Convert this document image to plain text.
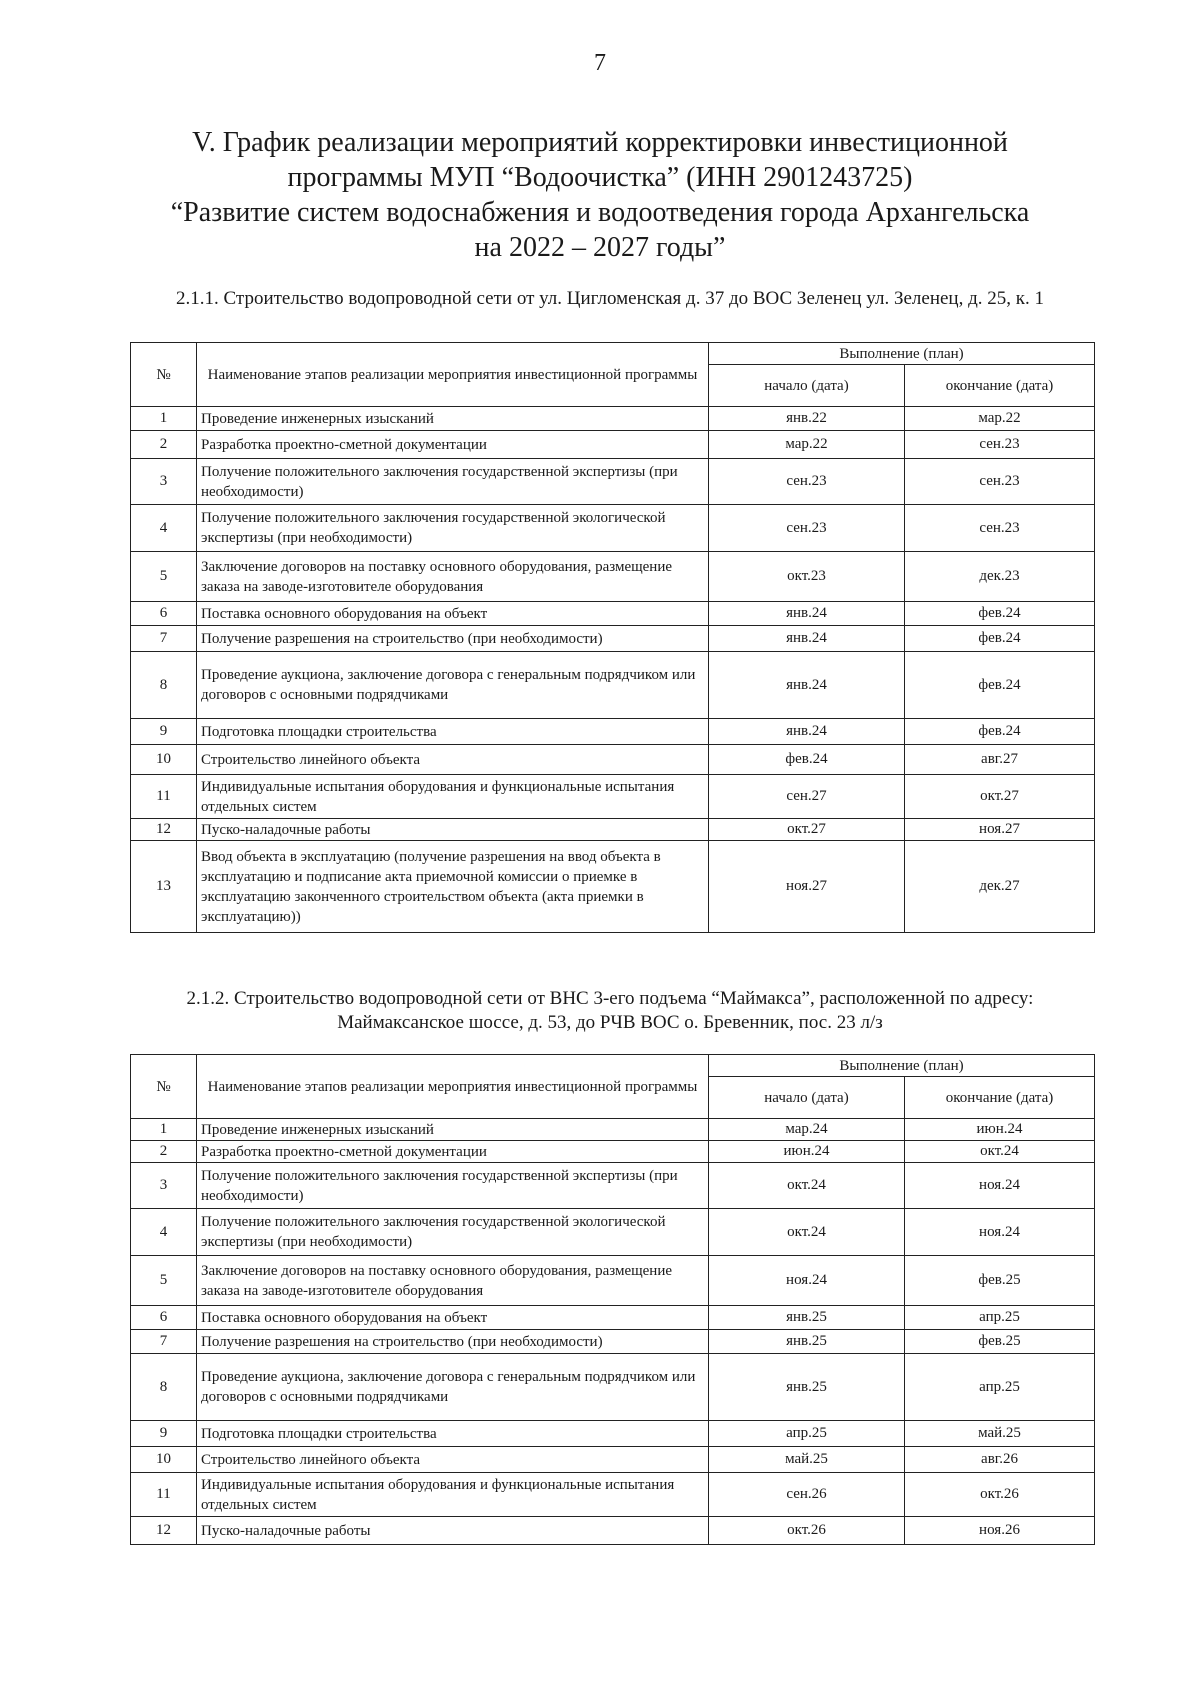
7
V. График реализации мероприятий корректировки инвестиционной
программы МУП “Водоочистка” (ИНН 2901243725)
“Развитие систем водоснабжения и водоотведения города Архангельска
на 2022 – 2027 годы”
2.1.1. Строительство водопроводной сети от ул. Цигломенская д. 37 до ВОС Зеленец ул. Зеленец, д. 25, к. 1
№	Наименование этапов реализации мероприятия инвестиционной программы	Выполнение (план)	
		начало (дата)	окончание (дата)
1	Проведение инженерных изысканий	янв.22	мар.22
2	Разработка проектно-сметной документации	мар.22	сен.23
3	Получение положительного заключения государственной экспертизы (при необходимости)	сен.23	сен.23
4	Получение положительного заключения государственной экологической экспертизы (при необходимости)	сен.23	сен.23
5	Заключение договоров на поставку основного оборудования, размещение заказа на заводе-изготовителе оборудования	окт.23	дек.23
6	Поставка основного оборудования на объект	янв.24	фев.24
7	Получение разрешения на строительство (при необходимости)	янв.24	фев.24
8	Проведение аукциона, заключение договора с генеральным подрядчиком или договоров с основными подрядчиками	янв.24	фев.24
9	Подготовка площадки строительства	янв.24	фев.24
10	Строительство линейного объекта	фев.24	авг.27
11	Индивидуальные испытания оборудования и функциональные испытания отдельных систем	сен.27	окт.27
12	Пуско-наладочные работы	окт.27	ноя.27
13	Ввод объекта в эксплуатацию (получение разрешения на ввод объекта в эксплуатацию и подписание акта приемочной комиссии о приемке в эксплуатацию законченного строительством объекта (акта приемки в эксплуатацию))	ноя.27	дек.27
2.1.2. Строительство водопроводной сети от ВНС 3-его подъема “Маймакса”, расположенной по адресу:
Маймаксанское шоссе, д. 53, до РЧВ ВОС о. Бревенник, пос. 23 л/з
№	Наименование этапов реализации мероприятия инвестиционной программы	Выполнение (план)	
		начало (дата)	окончание (дата)
1	Проведение инженерных изысканий	мар.24	июн.24
2	Разработка проектно-сметной документации	июн.24	окт.24
3	Получение положительного заключения государственной экспертизы (при необходимости)	окт.24	ноя.24
4	Получение положительного заключения государственной экологической экспертизы (при необходимости)	окт.24	ноя.24
5	Заключение договоров на поставку основного оборудования, размещение заказа на заводе-изготовителе оборудования	ноя.24	фев.25
6	Поставка основного оборудования на объект	янв.25	апр.25
7	Получение разрешения на строительство (при необходимости)	янв.25	фев.25
8	Проведение аукциона, заключение договора с генеральным подрядчиком или договоров с основными подрядчиками	янв.25	апр.25
9	Подготовка площадки строительства	апр.25	май.25
10	Строительство линейного объекта	май.25	авг.26
11	Индивидуальные испытания оборудования и функциональные испытания отдельных систем	сен.26	окт.26
12	Пуско-наладочные работы	окт.26	ноя.26
